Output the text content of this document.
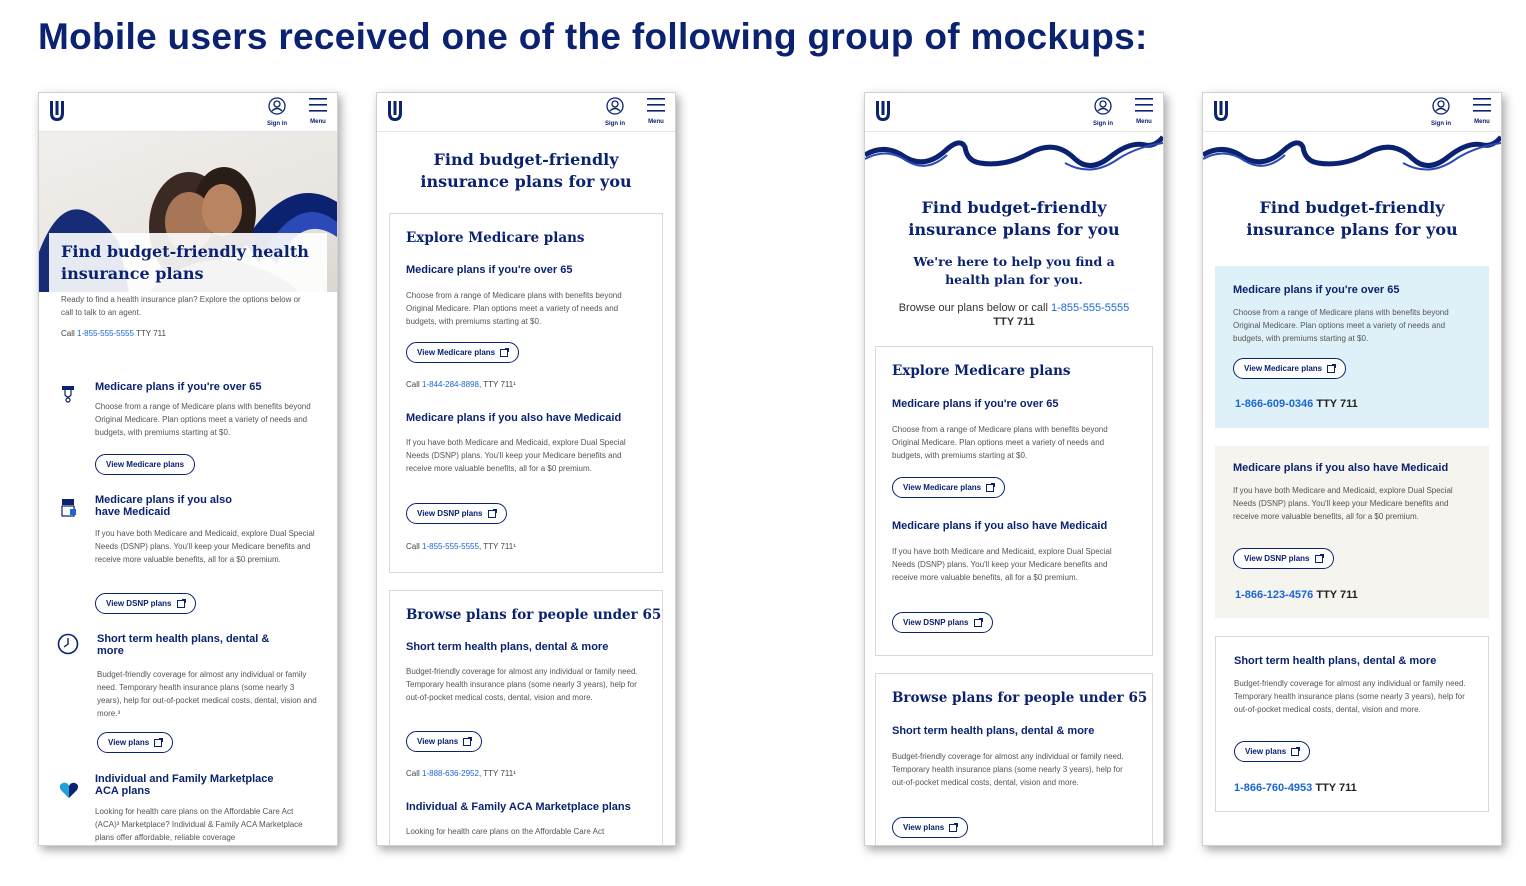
Mobile users received one of the following group of mockups:
Sign in	Menu

Find budget-friendly health insurance plans

Ready to find a health insurance plan? Explore the options below or call to talk to an agent.

Call 1-855-555-5555 TTY 711

Medicare plans if you're over 65

Choose from a range of Medicare plans with benefits beyond Original Medicare. Plan options meet a variety of needs and budgets, with premiums starting at $0.

View Medicare plans

Medicare plans if you also have Medicaid

If you have both Medicare and Medicaid, explore Dual Special Needs (DSNP) plans. You'll keep your Medicare benefits and receive more valuable benefits, all for a $0 premium.

View DSNP plans

Short term health plans, dental & more

Budget-friendly coverage for almost any individual or family need. Temporary health insurance plans (some nearly 3 years), help for out-of-pocket medical costs, dental, vision and more.³

View plans

Individual and Family Marketplace ACA plans

Looking for health care plans on the Affordable Care Act (ACA)³ Marketplace? Individual & Family ACA Marketplace plans offer affordable, reliable coverage

Sign in	Menu

Find budget-friendly insurance plans for you

Explore Medicare plans

Medicare plans if you're over 65

Choose from a range of Medicare plans with benefits beyond Original Medicare. Plan options meet a variety of needs and budgets, with premiums starting at $0.

View Medicare plans

Call 1-844-284-8898, TTY 711¹

Medicare plans if you also have Medicaid

If you have both Medicare and Medicaid, explore Dual Special Needs (DSNP) plans. You'll keep your Medicare benefits and receive more valuable benefits, all for a $0 premium.

View DSNP plans

Call 1-855-555-5555, TTY 711¹

Browse plans for people under 65

Short term health plans, dental & more

Budget-friendly coverage for almost any individual or family need. Temporary health insurance plans (some nearly 3 years), help for out-of-pocket medical costs, dental, vision and more.

View plans

Call 1-888-636-2952, TTY 711¹

Individual & Family ACA Marketplace plans

Looking for health care plans on the Affordable Care Act

Sign in	Menu

Find budget-friendly insurance plans for you

We're here to help you find a health plan for you.

Browse our plans below or call 1-855-555-5555
TTY 711

Explore Medicare plans

Medicare plans if you're over 65

Choose from a range of Medicare plans with benefits beyond Original Medicare. Plan options meet a variety of needs and budgets, with premiums starting at $0.

View Medicare plans

Medicare plans if you also have Medicaid

If you have both Medicare and Medicaid, explore Dual Special Needs (DSNP) plans. You'll keep your Medicare benefits and receive more valuable benefits, all for a $0 premium.

View DSNP plans

Browse plans for people under 65

Short term health plans, dental & more

Budget-friendly coverage for almost any individual or family need. Temporary health insurance plans (some nearly 3 years), help for out-of-pocket medical costs, dental, vision and more.

View plans
Sign in	Menu

Find budget-friendly insurance plans for you

Medicare plans if you're over 65

Choose from a range of Medicare plans with benefits beyond Original Medicare. Plan options meet a variety of needs and budgets, with premiums starting at $0.

View Medicare plans

1-866-609-0346 TTY 711

Medicare plans if you also have Medicaid

If you have both Medicare and Medicaid, explore Dual Special Needs (DSNP) plans. You'll keep your Medicare benefits and receive more valuable benefits, all for a $0 premium.

View DSNP plans

1-866-123-4576 TTY 711

Short term health plans, dental & more

Budget-friendly coverage for almost any individual or family need. Temporary health insurance plans (some nearly 3 years), help for out-of-pocket medical costs, dental, vision and more.

View plans

1-866-760-4953 TTY 711
